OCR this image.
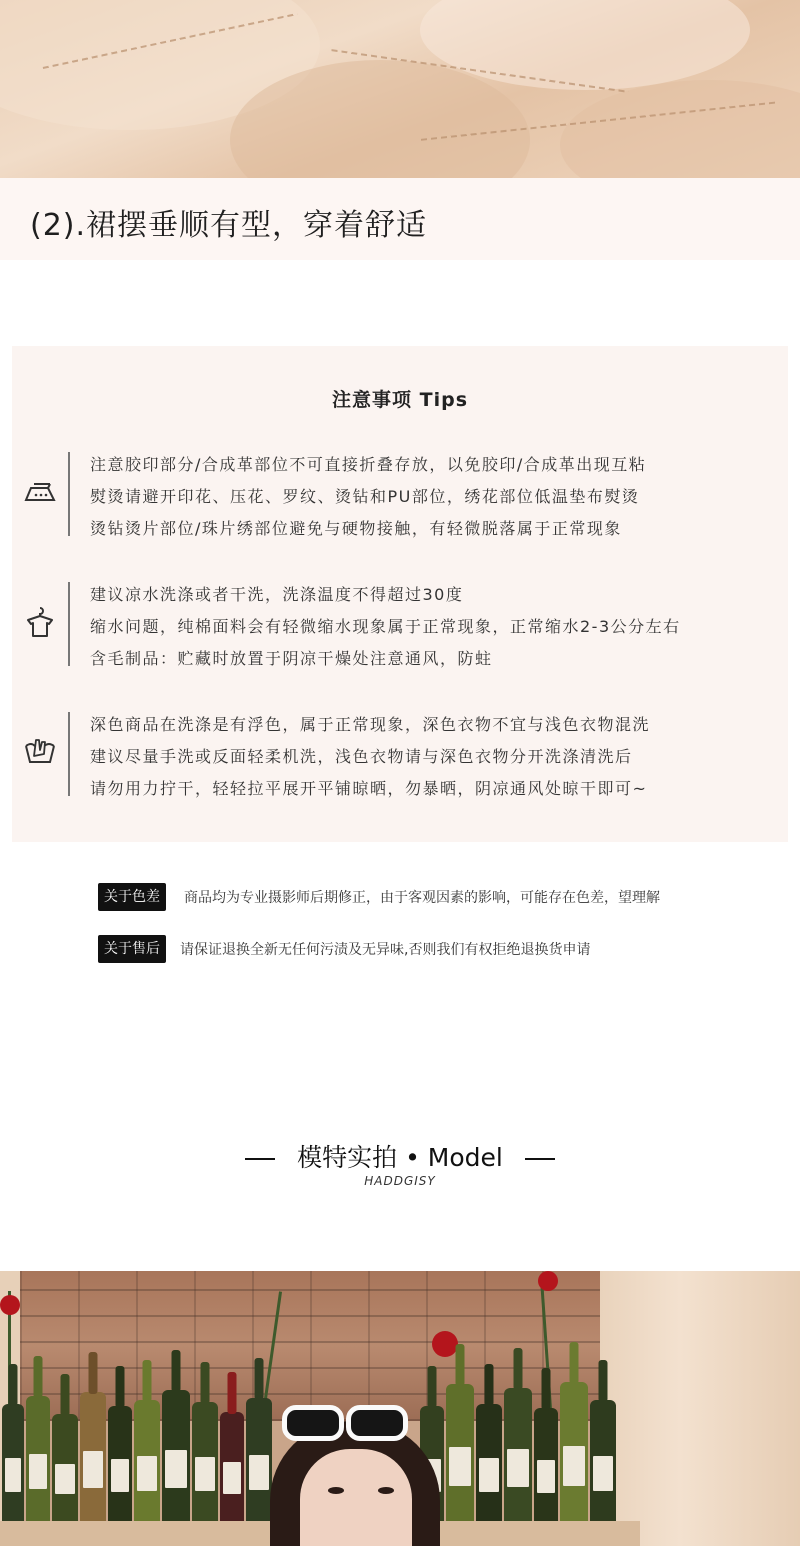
(2).裙摆垂顺有型，穿着舒适
注意事项 Tips
注意胶印部分/合成革部位不可直接折叠存放，以免胶印/合成革出现互粘
熨烫请避开印花、压花、罗纹、烫钻和PU部位，绣花部位低温垫布熨烫
烫钻烫片部位/珠片绣部位避免与硬物接触，有轻微脱落属于正常现象
建议凉水洗涤或者干洗，洗涤温度不得超过30度
缩水问题，纯棉面料会有轻微缩水现象属于正常现象，正常缩水2-3公分左右
含毛制品：贮藏时放置于阴凉干燥处注意通风，防蛀
深色商品在洗涤是有浮色，属于正常现象，深色衣物不宜与浅色衣物混洗
建议尽量手洗或反面轻柔机洗，浅色衣物请与深色衣物分开洗涤清洗后
请勿用力拧干，轻轻拉平展开平铺晾晒，勿暴晒，阴凉通风处晾干即可~
关于色差	商品均为专业摄影师后期修正，由于客观因素的影响，可能存在色差，望理解
关于售后	请保证退换全新无任何污渍及无异味,否则我们有权拒绝退换货申请
模特实拍 • Model
HADDGISY
